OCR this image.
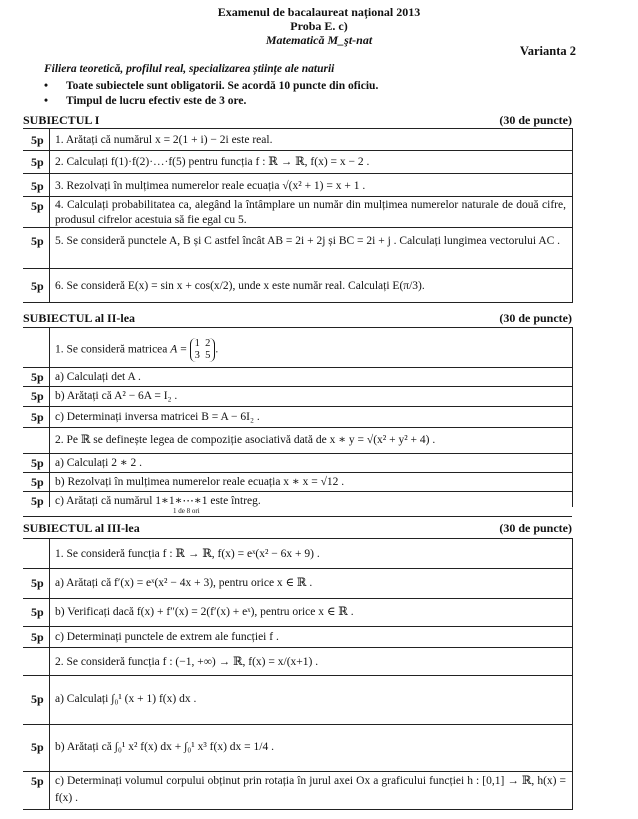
Examenul de bacalaureat național 2013
Proba E. c)
Matematică M_şt-nat
Varianta 2
Filiera teoretică, profilul real, specializarea științe ale naturii
• Toate subiectele sunt obligatorii. Se acordă 10 puncte din oficiu.
• Timpul de lucru efectiv este de 3 ore.
SUBIECTUL I	(30 de puncte)
5p 1. Arătați că numărul x = 2(1 + i) − 2i este real.
5p 2. Calculați f(1)·f(2)·…·f(5) pentru funcția f : ℝ → ℝ, f(x) = x − 2 .
5p 3. Rezolvați în mulțimea numerelor reale ecuația √(x² + 1) = x + 1 .
5p 4. Calculați probabilitatea ca, alegând la întâmplare un număr din mulțimea numerelor naturale de două cifre, produsul cifrelor acestuia să fie egal cu 5.
5p 5. Se consideră punctele A, B și C astfel încât AB = 2i + 2j și BC = 2i + j . Calculați lungimea vectorului AC .
5p 6. Se consideră E(x) = sin x + cos(x/2), unde x este număr real. Calculați E(π/3).
SUBIECTUL al II-lea	(30 de puncte)
1. Se consideră matricea A = 1  2
3  5 .
5p a) Calculați det A .
5p b) Arătați că A² − 6A = I₂ .
5p c) Determinați inversa matricei B = A − 6I₂ .
2. Pe ℝ se definește legea de compoziție asociativă dată de x ∗ y = √(x² + y² + 4) .
5p a) Calculați 2 ∗ 2 .
5p b) Rezolvați în mulțimea numerelor reale ecuația x ∗ x = √12 .
5p c) Arătați că numărul 1∗1∗⋯∗1 este întreg.
1 de 8 ori
SUBIECTUL al III-lea	(30 de puncte)
1. Se consideră funcția f : ℝ → ℝ, f(x) = eˣ(x² − 6x + 9) .
5p a) Arătați că f′(x) = eˣ(x² − 4x + 3), pentru orice x ∈ ℝ .
5p b) Verificați dacă f(x) + f″(x) = 2(f′(x) + eˣ), pentru orice x ∈ ℝ .
5p c) Determinați punctele de extrem ale funcției f .
2. Se consideră funcția f : (−1, +∞) → ℝ, f(x) = x/(x+1) .
5p a) Calculați ∫₀¹ (x + 1) f(x) dx .
5p b) Arătați că ∫₀¹ x² f(x) dx + ∫₀¹ x³ f(x) dx = 1/4 .
5p c) Determinați volumul corpului obținut prin rotația în jurul axei Ox a graficului funcției h : [0,1] → ℝ, h(x) = f(x) .
